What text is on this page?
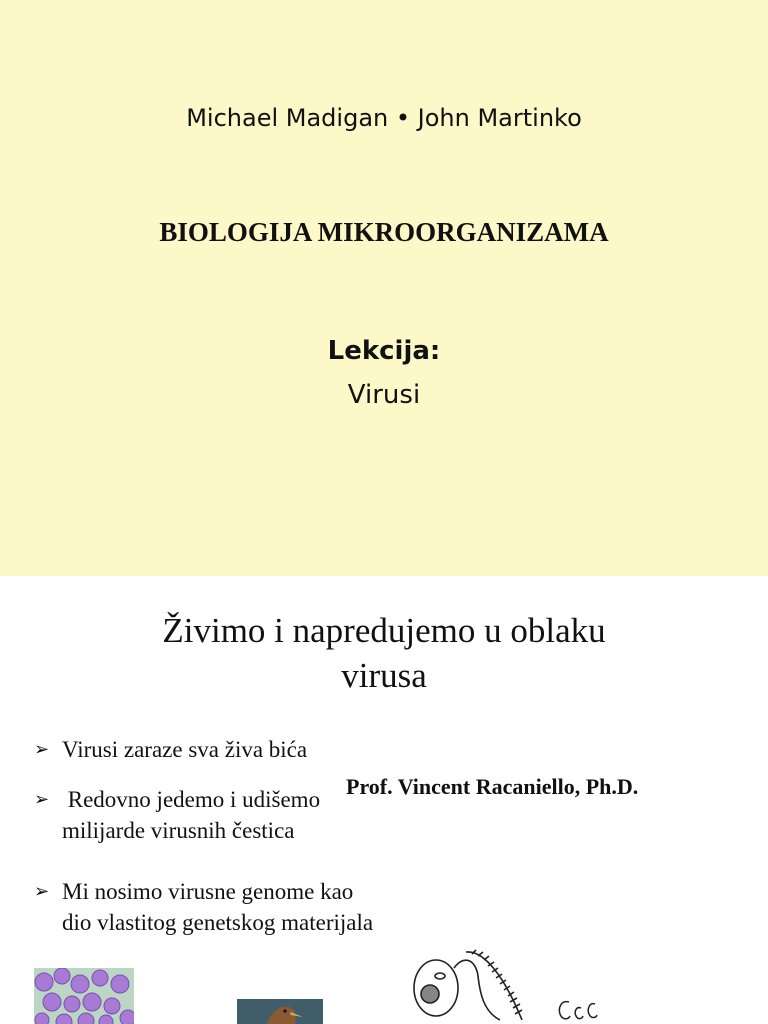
Michael Madigan • John Martinko
BIOLOGIJA MIKROORGANIZAMA
Lekcija:
Virusi
Živimo i napredujemo u oblaku
virusa
➢ Virusi zaraze sva živa bića
➢ Redovno jedemo i udišemo
milijarde virusnih čestica
➢ Mi nosimo virusne genome kao
dio vlastitog genetskog materijala
Prof. Vincent Racaniello, Ph.D.
